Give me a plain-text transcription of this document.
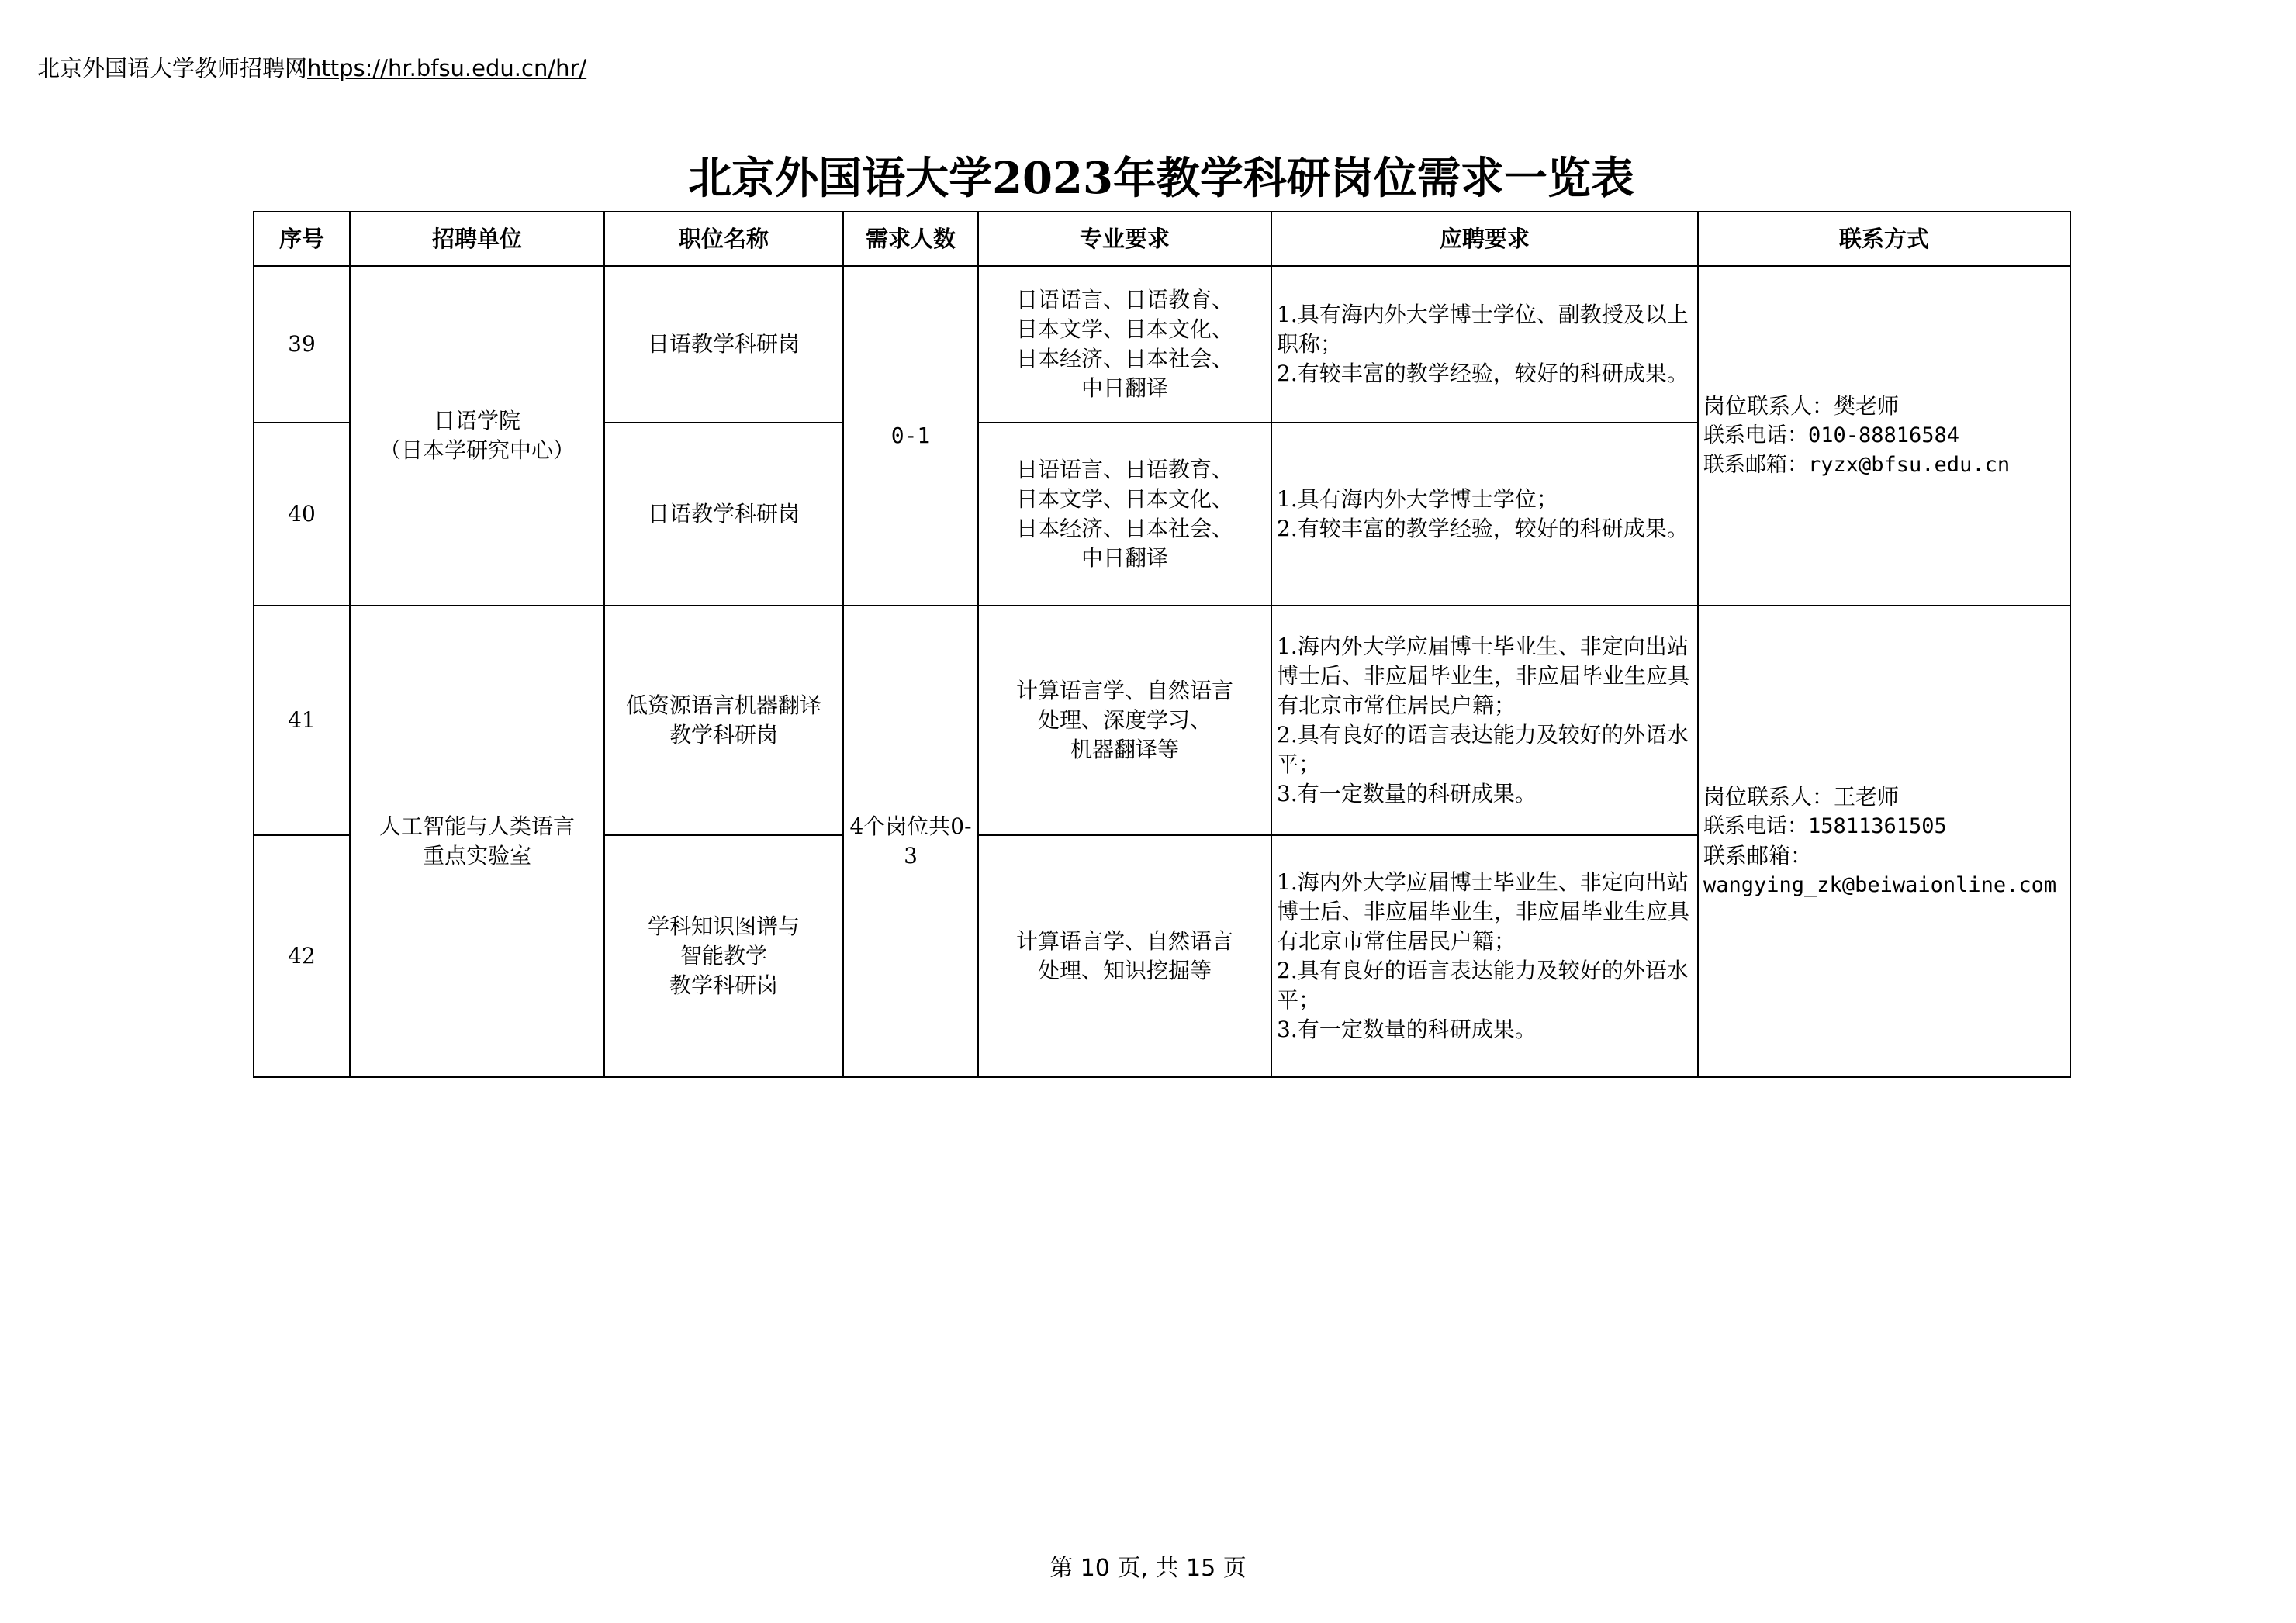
北京外国语大学教师招聘网https://hr.bfsu.edu.cn/hr/
北京外国语大学2023年教学科研岗位需求一览表
序号	招聘单位	职位名称	需求人数	专业要求	应聘要求	联系方式
39	日语学院
（日本学研究中心）	日语教学科研岗	0-1	日语语言、日语教育、
日本文学、日本文化、
日本经济、日本社会、
中日翻译	1.具有海内外大学博士学位、副教授及以上职称；
2.有较丰富的教学经验，较好的科研成果。	岗位联系人：樊老师
联系电话：010-88816584
联系邮箱：ryzx@bfsu.edu.cn

40		日语教学科研岗		日语语言、日语教育、
日本文学、日本文化、
日本经济、日本社会、
中日翻译	1.具有海内外大学博士学位；
2.有较丰富的教学经验，较好的科研成果。	

41	人工智能与人类语言
重点实验室	低资源语言机器翻译
教学科研岗	4个岗位共0-3	计算语言学、自然语言
处理、深度学习、
机器翻译等	1.海内外大学应届博士毕业生、非定向出站博士后、非应届毕业生，非应届毕业生应具有北京市常住居民户籍；
2.具有良好的语言表达能力及较好的外语水平；
3.有一定数量的科研成果。	岗位联系人：王老师
联系电话：15811361505
联系邮箱：
wangying_zk@beiwaionline.com

42		学科知识图谱与
智能教学
教学科研岗		计算语言学、自然语言
处理、知识挖掘等	1.海内外大学应届博士毕业生、非定向出站博士后、非应届毕业生，非应届毕业生应具有北京市常住居民户籍；
2.具有良好的语言表达能力及较好的外语水平；
3.有一定数量的科研成果。	
第 10 页, 共 15 页
